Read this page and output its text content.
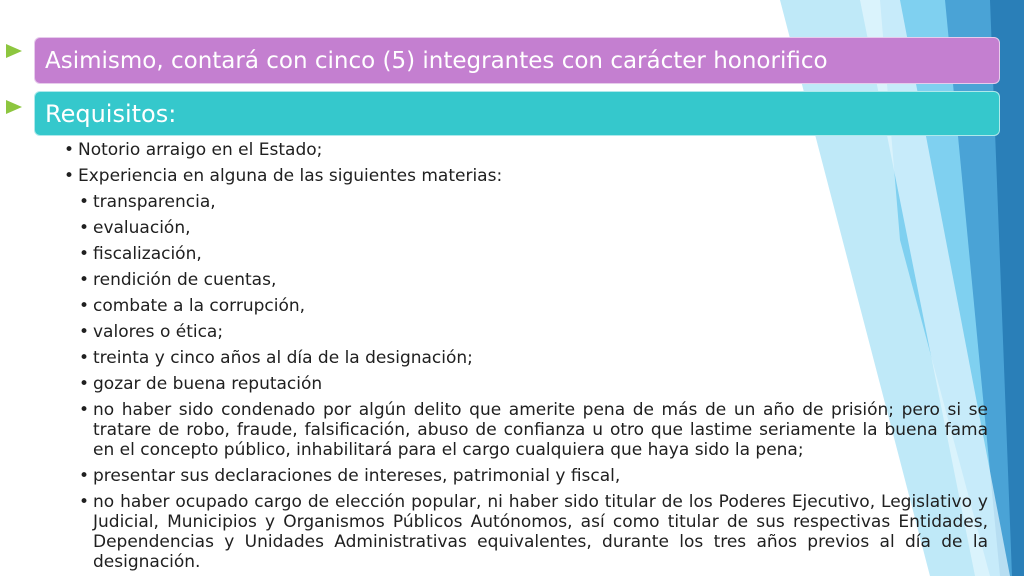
Asimismo, contará con cinco (5) integrantes con carácter honorifico
Requisitos:
• Notorio arraigo en el Estado;
• Experiencia en alguna de las siguientes materias:
• transparencia,
• evaluación,
• fiscalización,
• rendición de cuentas,
• combate a la corrupción,
• valores o ética;
• treinta y cinco años al día de la designación;
• gozar de buena reputación
• no haber sido condenado por algún delito que amerite pena de más de un año de prisión; pero si se tratare de robo, fraude, falsificación, abuso de confianza u otro que lastime seriamente la buena fama en el concepto público, inhabilitará para el cargo cualquiera que haya sido la pena;
• presentar sus declaraciones de intereses, patrimonial y fiscal,
• no haber ocupado cargo de elección popular, ni haber sido titular de los Poderes Ejecutivo, Legislativo y Judicial, Municipios y Organismos Públicos Autónomos, así como titular de sus respectivas Entidades, Dependencias y Unidades Administrativas equivalentes, durante los tres años previos al día de la designación.
